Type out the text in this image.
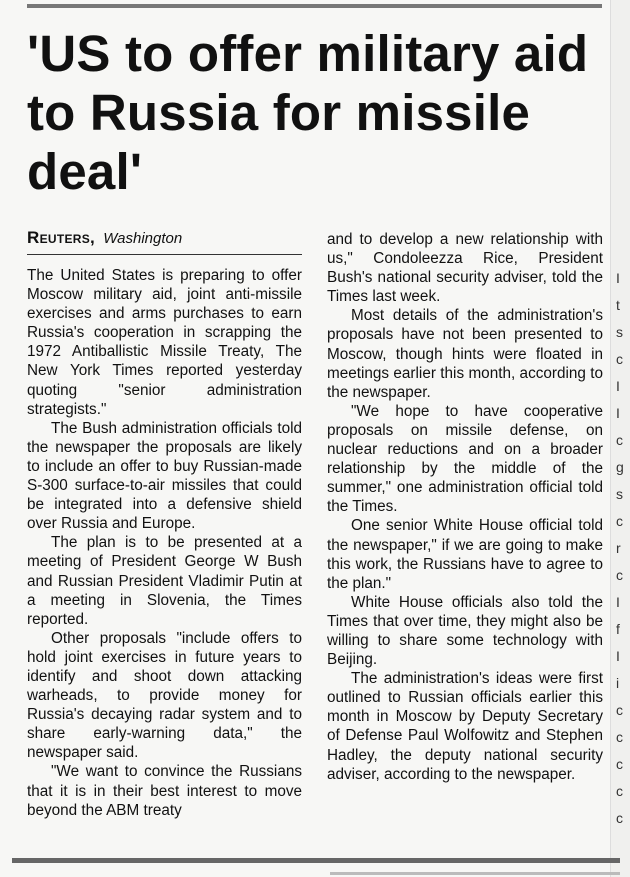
'US to offer military aid to Russia for missile deal'
Reuters, Washington

The United States is preparing to offer Moscow military aid, joint anti-missile exercises and arms purchases to earn Russia's cooperation in scrapping the 1972 Antiballistic Missile Treaty, The New York Times reported yesterday quoting "senior administration strategists."

The Bush administration officials told the newspaper the proposals are likely to include an offer to buy Russian-made S-300 surface-to-air missiles that could be integrated into a defensive shield over Russia and Europe.

The plan is to be presented at a meeting of President George W Bush and Russian President Vladimir Putin at a meeting in Slovenia, the Times reported.

Other proposals "include offers to hold joint exercises in future years to identify and shoot down attacking warheads, to provide money for Russia's decaying radar system and to share early-warning data," the newspaper said.

"We want to convince the Russians that it is in their best interest to move beyond the ABM treaty

and to develop a new relationship with us," Condoleezza Rice, President Bush's national security adviser, told the Times last week.

Most details of the administration's proposals have not been presented to Moscow, though hints were floated in meetings earlier this month, according to the newspaper.

"We hope to have cooperative proposals on missile defense, on nuclear reductions and on a broader relationship by the middle of the summer," one administration official told the Times.

One senior White House official told the newspaper," if we are going to make this work, the Russians have to agree to the plan."

White House officials also told the Times that over time, they might also be willing to share some technology with Beijing.

The administration's ideas were first outlined to Russian officials earlier this month in Moscow by Deputy Secretary of Defense Paul Wolfowitz and Stephen Hadley, the deputy national security adviser, according to the newspaper.

I
t
s
c
I
I
c
g
s
c
r
c
I
f
I
i
c
c
c
c
c
